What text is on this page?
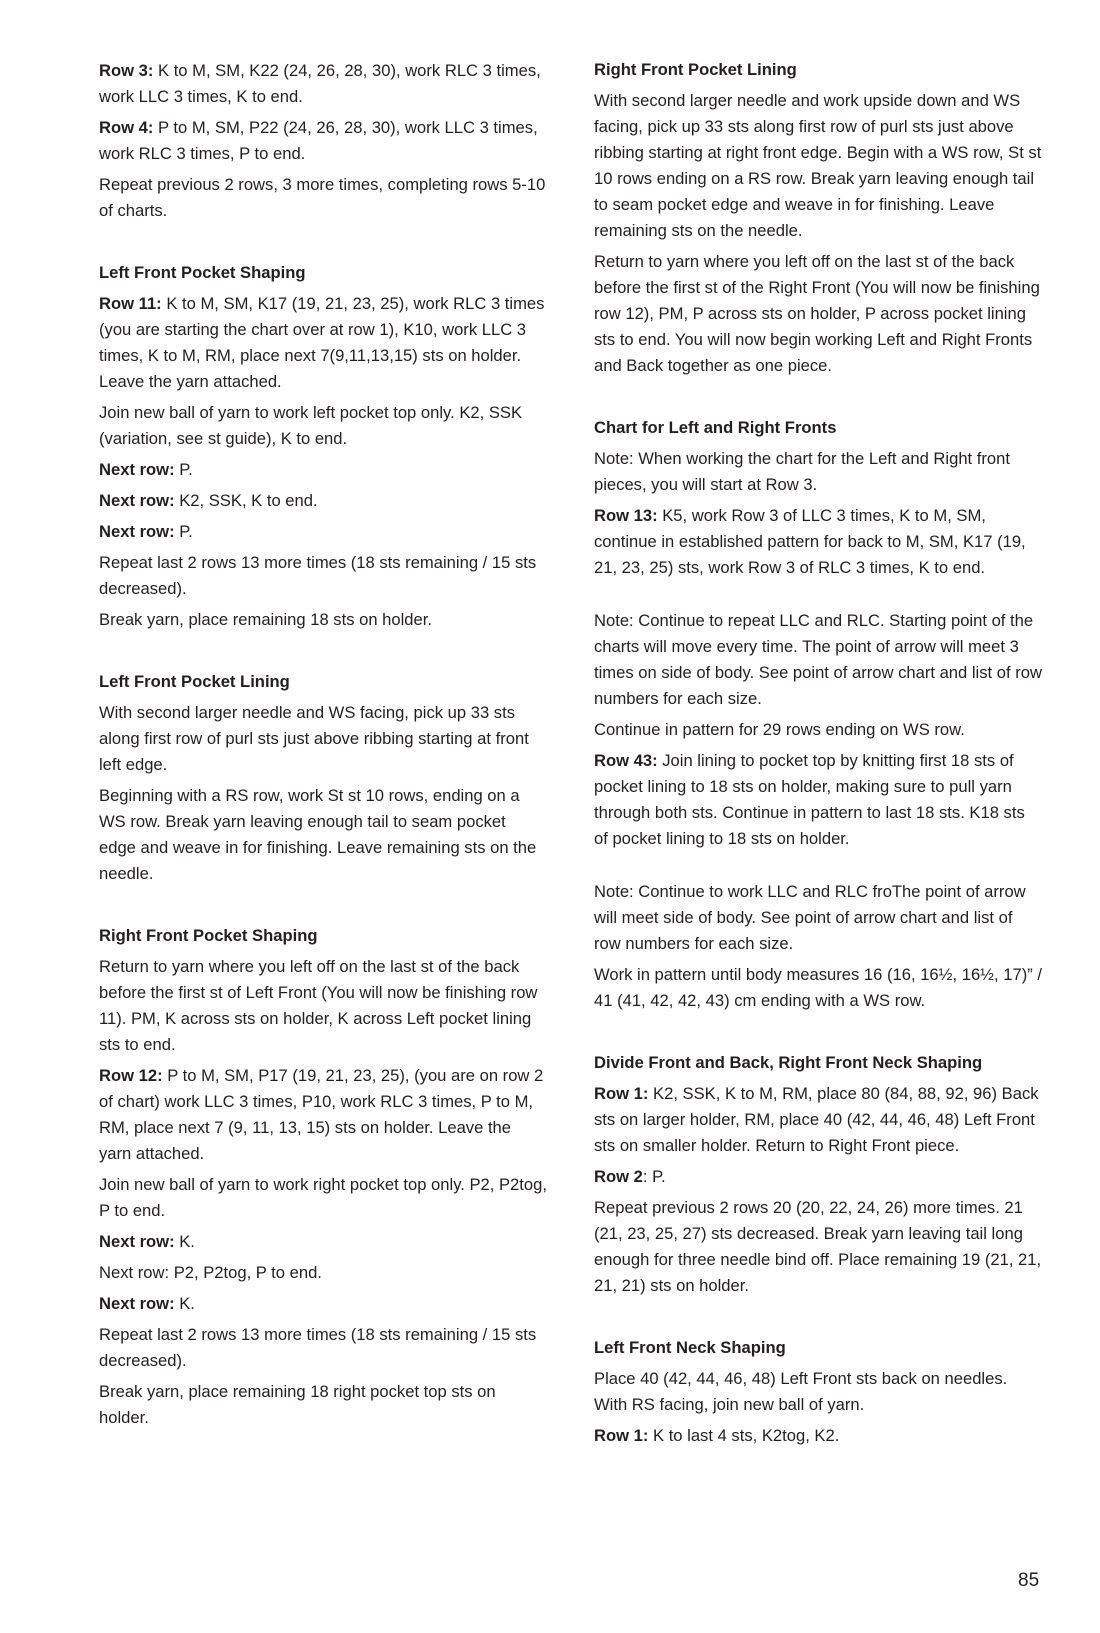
Row 3: K to M, SM, K22 (24, 26, 28, 30), work RLC 3 times, work LLC 3 times, K to end.

Row 4: P to M, SM, P22 (24, 26, 28, 30), work LLC 3 times, work RLC 3 times, P to end.

Repeat previous 2 rows, 3 more times, completing rows 5-10 of charts.

Left Front Pocket Shaping

Row 11: K to M, SM, K17 (19, 21, 23, 25), work RLC 3 times (you are starting the chart over at row 1), K10, work LLC 3 times, K to M, RM, place next 7(9,11,13,15) sts on holder. Leave the yarn attached.

Join new ball of yarn to work left pocket top only. K2, SSK (variation, see st guide), K to end.

Next row: P.

Next row: K2, SSK, K to end.

Next row: P.

Repeat last 2 rows 13 more times (18 sts remaining / 15 sts decreased).

Break yarn, place remaining 18 sts on holder.

Left Front Pocket Lining

With second larger needle and WS facing, pick up 33 sts along first row of purl sts just above ribbing starting at front left edge.

Beginning with a RS row, work St st 10 rows, ending on a WS row. Break yarn leaving enough tail to seam pocket edge and weave in for finishing. Leave remaining sts on the needle.

Right Front Pocket Shaping

Return to yarn where you left off on the last st of the back before the first st of Left Front (You will now be finishing row 11). PM, K across sts on holder, K across Left pocket lining sts to end.

Row 12: P to M, SM, P17 (19, 21, 23, 25), (you are on row 2 of chart) work LLC 3 times, P10, work RLC 3 times, P to M, RM, place next 7 (9, 11, 13, 15) sts on holder. Leave the yarn attached.

Join new ball of yarn to work right pocket top only. P2, P2tog, P to end.

Next row: K.

Next row: P2, P2tog, P to end.

Next row: K.

Repeat last 2 rows 13 more times (18 sts remaining / 15 sts decreased).

Break yarn, place remaining 18 right pocket top sts on holder.

Right Front Pocket Lining

With second larger needle and work upside down and WS facing, pick up 33 sts along first row of purl sts just above ribbing starting at right front edge. Begin with a WS row, St st 10 rows ending on a RS row. Break yarn leaving enough tail to seam pocket edge and weave in for finishing. Leave remaining sts on the needle.

Return to yarn where you left off on the last st of the back before the first st of the Right Front (You will now be finishing row 12), PM, P across sts on holder, P across pocket lining sts to end. You will now begin working Left and Right Fronts and Back together as one piece.

Chart for Left and Right Fronts

Note: When working the chart for the Left and Right front pieces, you will start at Row 3.

Row 13: K5, work Row 3 of LLC 3 times, K to M, SM, continue in established pattern for back to M, SM, K17 (19, 21, 23, 25) sts, work Row 3 of RLC 3 times, K to end.

Note: Continue to repeat LLC and RLC. Starting point of the charts will move every time. The point of arrow will meet 3 times on side of body. See point of arrow chart and list of row numbers for each size.

Continue in pattern for 29 rows ending on WS row.

Row 43: Join lining to pocket top by knitting first 18 sts of pocket lining to 18 sts on holder, making sure to pull yarn through both sts. Continue in pattern to last 18 sts. K18 sts of pocket lining to 18 sts on holder.

Note: Continue to work LLC and RLC froThe point of arrow will meet side of body. See point of arrow chart and list of row numbers for each size.

Work in pattern until body measures 16 (16, 16½, 16½, 17)” / 41 (41, 42, 42, 43) cm ending with a WS row.

Divide Front and Back, Right Front Neck Shaping

Row 1: K2, SSK, K to M, RM, place 80 (84, 88, 92, 96) Back sts on larger holder, RM, place 40 (42, 44, 46, 48) Left Front sts on smaller holder. Return to Right Front piece.

Row 2: P.

Repeat previous 2 rows 20 (20, 22, 24, 26) more times. 21 (21, 23, 25, 27) sts decreased. Break yarn leaving tail long enough for three needle bind off. Place remaining 19 (21, 21, 21, 21) sts on holder.

Left Front Neck Shaping

Place 40 (42, 44, 46, 48) Left Front sts back on needles. With RS facing, join new ball of yarn.

Row 1: K to last 4 sts, K2tog, K2.

85
